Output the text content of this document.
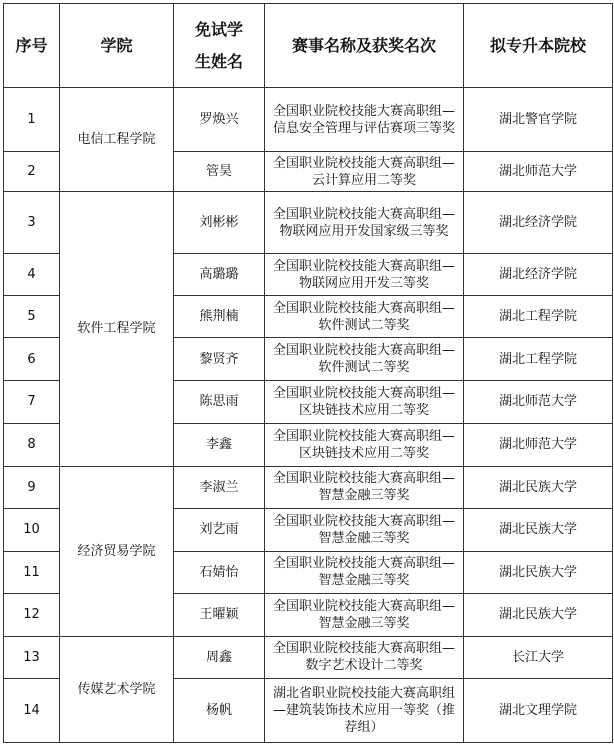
序号	学院	免试学生姓名	赛事名称及获奖名次	拟专升本院校
1	电信工程学院	罗焕兴	全国职业院校技能大赛高职组—信息安全管理与评估赛项三等奖	湖北警官学院
2		管昊	全国职业院校技能大赛高职组—云计算应用二等奖	湖北师范大学
3	软件工程学院	刘彬彬	全国职业院校技能大赛高职组—物联网应用开发国家级三等奖	湖北经济学院
4		高璐璐	全国职业院校技能大赛高职组—物联网应用开发三等奖	湖北经济学院
5		熊荆楠	全国职业院校技能大赛高职组—软件测试二等奖	湖北工程学院
6		黎贤齐	全国职业院校技能大赛高职组—软件测试二等奖	湖北工程学院
7		陈思雨	全国职业院校技能大赛高职组—区块链技术应用二等奖	湖北师范大学
8		李鑫	全国职业院校技能大赛高职组—区块链技术应用二等奖	湖北师范大学
9	经济贸易学院	李淑兰	全国职业院校技能大赛高职组—智慧金融三等奖	湖北民族大学
10		刘艺雨	全国职业院校技能大赛高职组—智慧金融三等奖	湖北民族大学
11		石婧怡	全国职业院校技能大赛高职组—智慧金融三等奖	湖北民族大学
12		王曜颖	全国职业院校技能大赛高职组—智慧金融三等奖	湖北民族大学
13	传媒艺术学院	周鑫	全国职业院校技能大赛高职组—数字艺术设计二等奖	长江大学
14		杨帆	湖北省职业院校技能大赛高职组—建筑装饰技术应用一等奖（推荐组）	湖北文理学院
